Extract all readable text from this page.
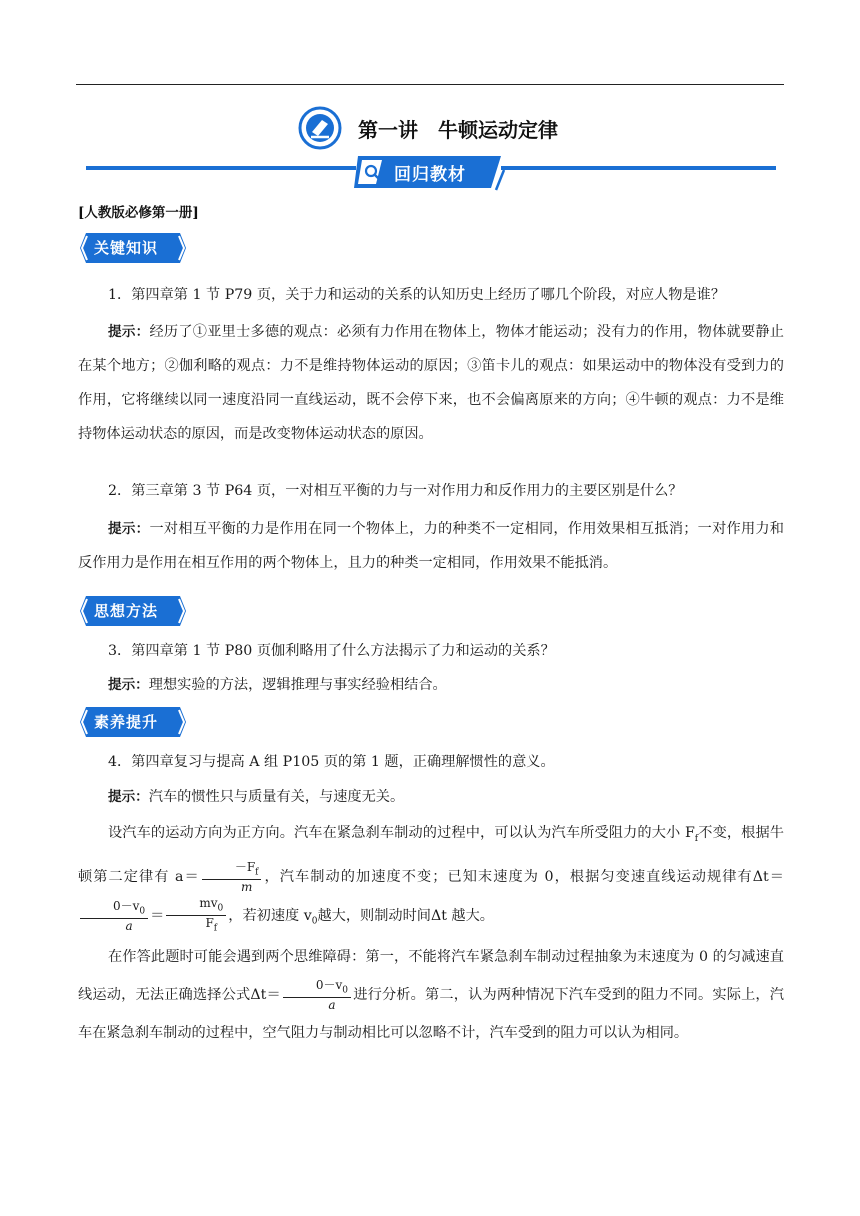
第一讲　牛顿运动定律
回归教材
[人教版必修第一册]
关键知识

1．第四章第 1 节 P79 页，关于力和运动的关系的认知历史上经历了哪几个阶段，对应人物是谁？

提示：经历了①亚里士多德的观点：必须有力作用在物体上，物体才能运动；没有力的作用，物体就要静止在某个地方；②伽利略的观点：力不是维持物体运动的原因；③笛卡儿的观点：如果运动中的物体没有受到力的作用，它将继续以同一速度沿同一直线运动，既不会停下来，也不会偏离原来的方向；④牛顿的观点：力不是维持物体运动状态的原因，而是改变物体运动状态的原因。

2．第三章第 3 节 P64 页，一对相互平衡的力与一对作用力和反作用力的主要区别是什么？

提示：一对相互平衡的力是作用在同一个物体上，力的种类不一定相同，作用效果相互抵消；一对作用力和反作用力是作用在相互作用的两个物体上，且力的种类一定相同，作用效果不能抵消。

思想方法

3．第四章第 1 节 P80 页伽利略用了什么方法揭示了力和运动的关系？

提示：理想实验的方法，逻辑推理与事实经验相结合。

素养提升

4．第四章复习与提高 A 组 P105 页的第 1 题，正确理解惯性的意义。

提示：汽车的惯性只与质量有关，与速度无关。

设汽车的运动方向为正方向。汽车在紧急刹车制动的过程中，可以认为汽车所受阻力的大小 $F_f$不变，根据牛顿第二定律有 $a= \frac{-F_f}{m}$ ，汽车制动的加速度不变；已知末速度为 0，根据匀变速直线运动规律有Δt＝
$\frac{0-v_0}{a} = \frac{mv_0}{F_f}$ ，若初速度 $v_0$越大，则制动时间Δt 越大。

在作答此题时可能会遇到两个思维障碍：第一，不能将汽车紧急刹车制动过程抽象为末速度为 0 的匀减速直线运动，无法正确选择公式$\Delta t= \frac{0-v_0}{a}$ 进行分析。第二，认为两种情况下汽车受到的阻力不同。实际上，汽车在紧急刹车制动的过程中，空气阻力与制动相比可以忽略不计，汽车受到的阻力可以认为相同。
